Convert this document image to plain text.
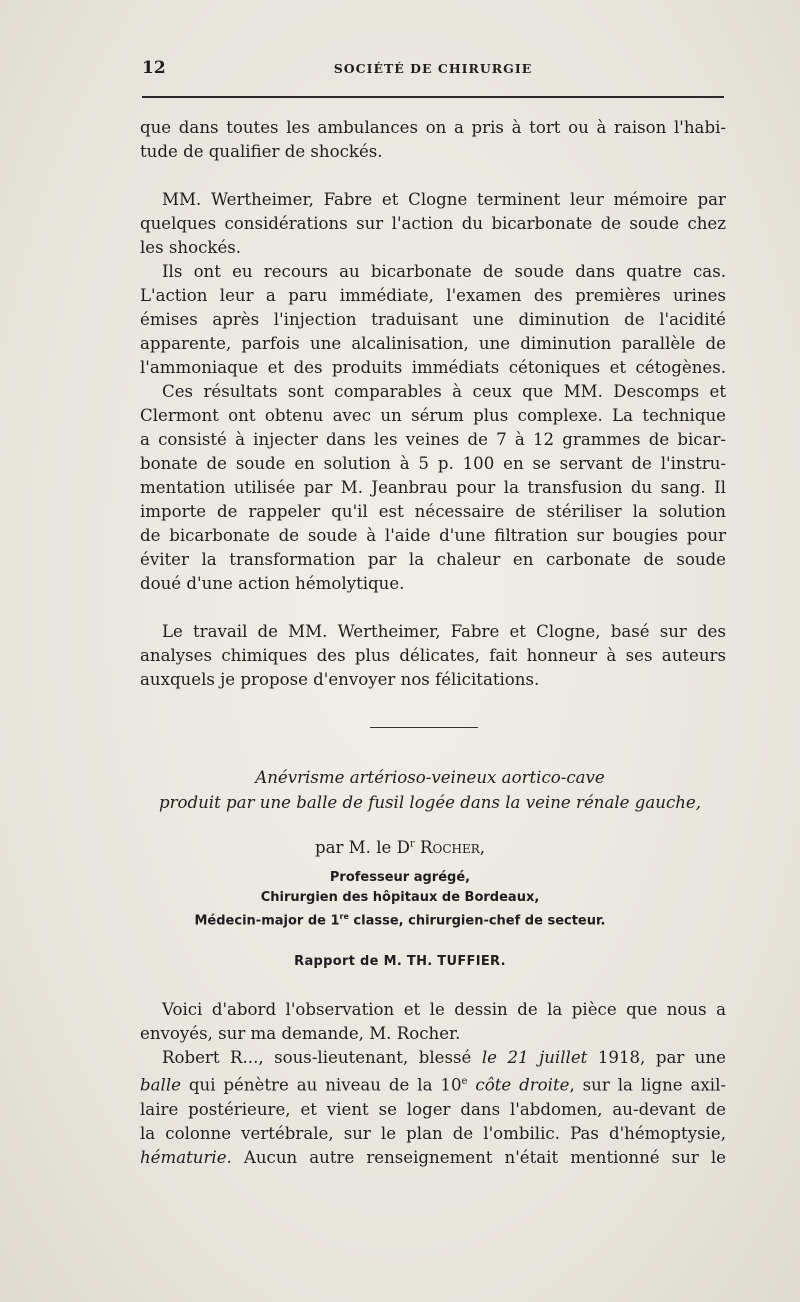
12	SOCIÉTÉ DE CHIRURGIE

que dans toutes les ambulances on a pris à tort ou à raison l'habi-

tude de qualifier de shockés.

MM. Wertheimer, Fabre et Clogne terminent leur mémoire par

quelques considérations sur l'action du bicarbonate de soude chez

les shockés.

Ils ont eu recours au bicarbonate de soude dans quatre cas.

L'action leur a paru immédiate, l'examen des premières urines

émises après l'injection traduisant une diminution de l'acidité

apparente, parfois une alcalinisation, une diminution parallèle de

l'ammoniaque et des produits immédiats cétoniques et cétogènes.

Ces résultats sont comparables à ceux que MM. Descomps et

Clermont ont obtenu avec un sérum plus complexe. La technique

a consisté à injecter dans les veines de 7 à 12 grammes de bicar-

bonate de soude en solution à 5 p. 100 en se servant de l'instru-

mentation utilisée par M. Jeanbrau pour la transfusion du sang. Il

importe de rappeler qu'il est nécessaire de stériliser la solution

de bicarbonate de soude à l'aide d'une filtration sur bougies pour

éviter la transformation par la chaleur en carbonate de soude

doué d'une action hémolytique.

Le travail de MM. Wertheimer, Fabre et Clogne, basé sur des

analyses chimiques des plus délicates, fait honneur à ses auteurs

auxquels je propose d'envoyer nos félicitations.

Anévrisme artérioso-veineux aortico-cave
produit par une balle de fusil logée dans la veine rénale gauche,
par M. le $D^r$ Rocher,
Professeur agrégé,
Chirurgien des hôpitaux de Bordeaux,
Médecin-major de 1re classe, chirurgien-chef de secteur.
Rapport de M. TH. TUFFIER.

Voici d'abord l'observation et le dessin de la pièce que nous a

envoyés, sur ma demande, M. Rocher.

Robert R..., sous-lieutenant, blessé le 21 juillet 1918, par une

balle qui pénètre au niveau de la 10e côte droite, sur la ligne axil-

laire postérieure, et vient se loger dans l'abdomen, au-devant de

la colonne vertébrale, sur le plan de l'ombilic. Pas d'hémoptysie,

hématurie. Aucun autre renseignement n'était mentionné sur le
